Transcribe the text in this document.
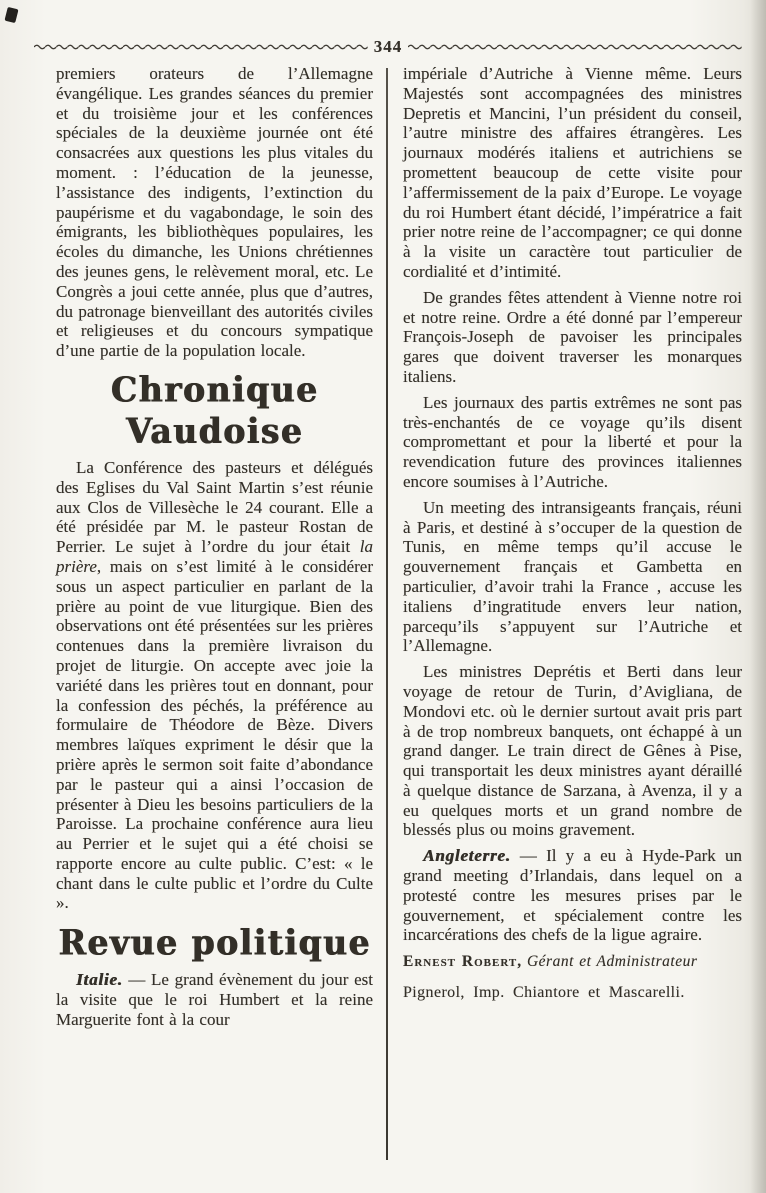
344

premiers orateurs de l’Allemagne évangélique. Les grandes séances du premier et du troisième jour et les conférences spéciales de la deuxième journée ont été consacrées aux questions les plus vitales du moment. : l’éducation de la jeunesse, l’assistance des indigents, l’extinction du paupérisme et du vagabondage, le soin des émigrants, les bibliothèques populaires, les écoles du dimanche, les Unions chrétiennes des jeunes gens, le relèvement moral, etc. Le Congrès a joui cette année, plus que d’autres, du patronage bienveillant des autorités civiles et religieuses et du concours sympatique d’une partie de la population locale.

Chronique Vaudoise

La Conférence des pasteurs et délégués des Eglises du Val Saint Martin s’est réunie aux Clos de Villesèche le 24 courant. Elle a été présidée par M. le pasteur Rostan de Perrier. Le sujet à l’ordre du jour était la prière, mais on s’est limité à le considérer sous un aspect particulier en parlant de la prière au point de vue liturgique. Bien des observations ont été présentées sur les prières contenues dans la première livraison du projet de liturgie. On accepte avec joie la variété dans les prières tout en donnant, pour la confession des péchés, la préférence au formulaire de Théodore de Bèze. Divers membres laïques expriment le désir que la prière après le sermon soit faite d’abondance par le pasteur qui a ainsi l’occasion de présenter à Dieu les besoins particuliers de la Paroisse. La prochaine conférence aura lieu au Perrier et le sujet qui a été choisi se rapporte encore au culte public. C’est: « le chant dans le culte public et l’ordre du Culte ».

Revue politique

Italie. — Le grand évènement du jour est la visite que le roi Humbert et la reine Marguerite font à la cour

impériale d’Autriche à Vienne même. Leurs Majestés sont accompagnées des ministres Depretis et Mancini, l’un président du conseil, l’autre ministre des affaires étrangères. Les journaux modérés italiens et autrichiens se promettent beaucoup de cette visite pour l’affermissement de la paix d’Europe. Le voyage du roi Humbert étant décidé, l’impératrice a fait prier notre reine de l’accompagner; ce qui donne à la visite un caractère tout particulier de cordialité et d’intimité.

De grandes fêtes attendent à Vienne notre roi et notre reine. Ordre a été donné par l’empereur François-Joseph de pavoiser les principales gares que doivent traverser les monarques italiens.

Les journaux des partis extrêmes ne sont pas très-enchantés de ce voyage qu’ils disent compromettant et pour la liberté et pour la revendication future des provinces italiennes encore soumises à l’Autriche.

Un meeting des intransigeants français, réuni à Paris, et destiné à s’occuper de la question de Tunis, en même temps qu’il accuse le gouvernement français et Gambetta en particulier, d’avoir trahi la France , accuse les italiens d’ingratitude envers leur nation, parcequ’ils s’appuyent sur l’Autriche et l’Allemagne.

Les ministres Deprétis et Berti dans leur voyage de retour de Turin, d’Avigliana, de Mondovi etc. où le dernier surtout avait pris part à de trop nombreux banquets, ont échappé à un grand danger. Le train direct de Gênes à Pise, qui transportait les deux ministres ayant déraillé à quelque distance de Sarzana, à Avenza, il y a eu quelques morts et un grand nombre de blessés plus ou moins gravement.

Angleterre. — Il y a eu à Hyde-Park un grand meeting d’Irlandais, dans lequel on a protesté contre les mesures prises par le gouvernement, et spécialement contre les incarcérations des chefs de la ligue agraire.

Ernest Robert, Gérant et Administrateur

Pignerol, Imp. Chiantore et Mascarelli.
